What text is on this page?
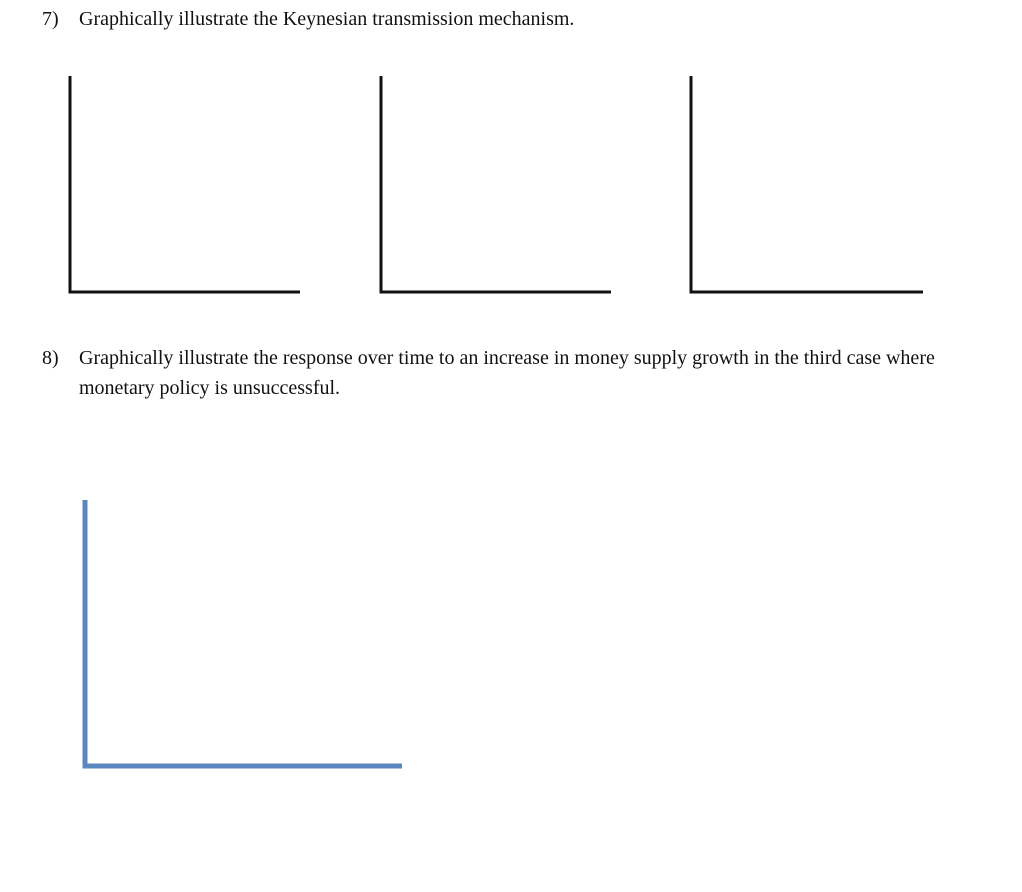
7) Graphically illustrate the Keynesian transmission mechanism.
8) Graphically illustrate the response over time to an increase in money supply growth in the third case where monetary policy is unsuccessful.
